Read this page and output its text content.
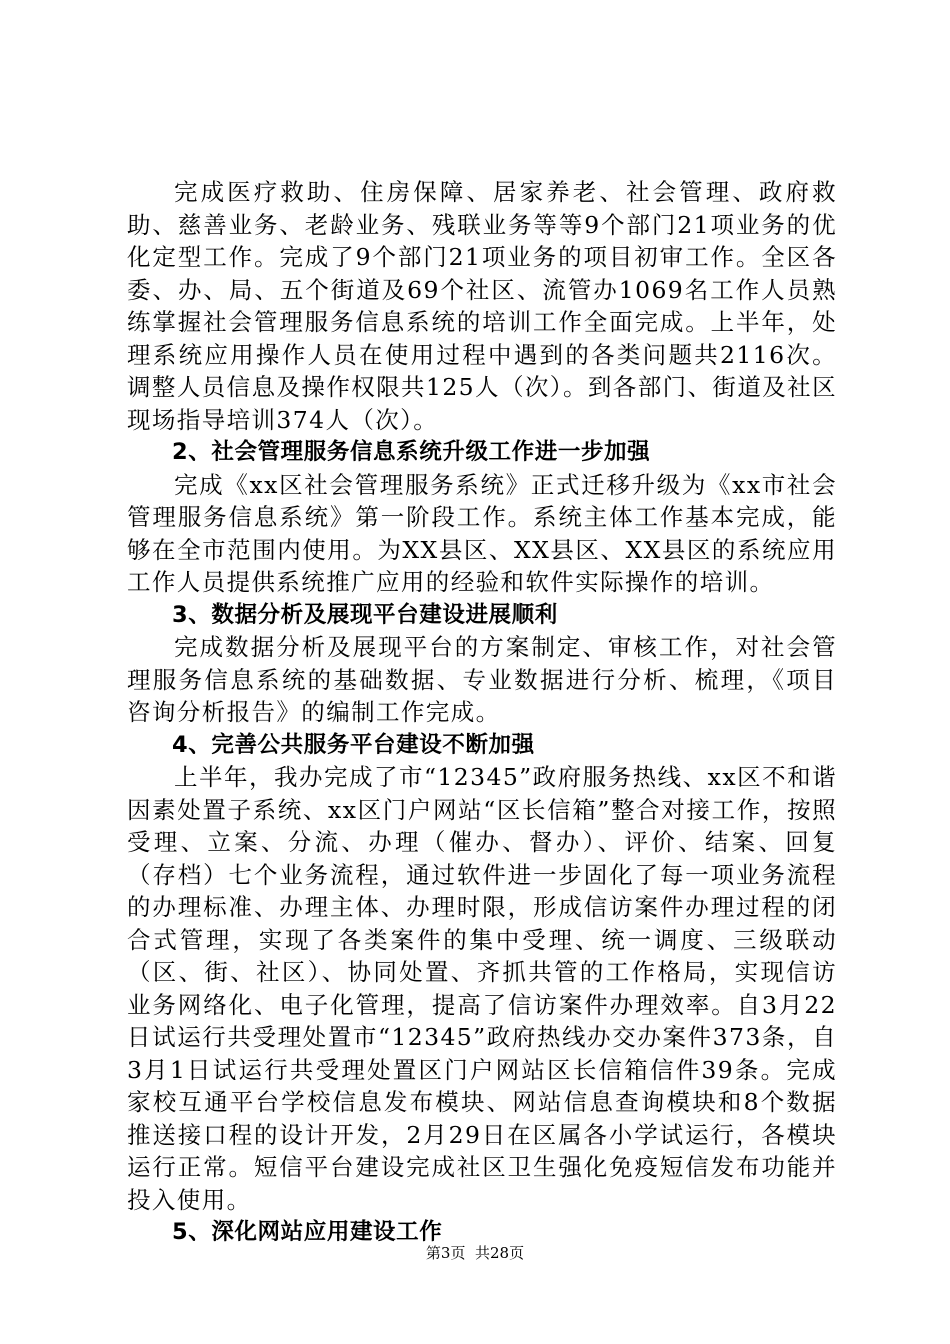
完成医疗救助、住房保障、居家养老、社会管理、政府救助、慈善业务、老龄业务、残联业务等等9个部门21项业务的优化定型工作。完成了9个部门21项业务的项目初审工作。全区各委、办、局、五个街道及69个社区、流管办1069名工作人员熟练掌握社会管理服务信息系统的培训工作全面完成。上半年，处理系统应用操作人员在使用过程中遇到的各类问题共2116次。调整人员信息及操作权限共125人（次）。到各部门、街道及社区现场指导培训374人（次）。

2、社会管理服务信息系统升级工作进一步加强

完成《xx区社会管理服务系统》正式迁移升级为《xx市社会管理服务信息系统》第一阶段工作。系统主体工作基本完成，能够在全市范围内使用。为XX县区、XX县区、XX县区的系统应用工作人员提供系统推广应用的经验和软件实际操作的培训。

3、数据分析及展现平台建设进展顺利

完成数据分析及展现平台的方案制定、审核工作，对社会管理服务信息系统的基础数据、专业数据进行分析、梳理，《项目咨询分析报告》的编制工作完成。

4、完善公共服务平台建设不断加强

上半年，我办完成了市“12345”政府服务热线、xx区不和谐因素处置子系统、xx区门户网站“区长信箱”整合对接工作，按照受理、立案、分流、办理（催办、督办）、评价、结案、回复（存档）七个业务流程，通过软件进一步固化了每一项业务流程的办理标准、办理主体、办理时限，形成信访案件办理过程的闭合式管理，实现了各类案件的集中受理、统一调度、三级联动（区、街、社区）、协同处置、齐抓共管的工作格局，实现信访业务网络化、电子化管理，提高了信访案件办理效率。自3月22日试运行共受理处置市“12345”政府热线办交办案件373条，自3月1日试运行共受理处置区门户网站区长信箱信件39条。完成家校互通平台学校信息发布模块、网站信息查询模块和8个数据推送接口程的设计开发，2月29日在区属各小学试运行，各模块运行正常。短信平台建设完成社区卫生强化免疫短信发布功能并投入使用。

5、深化网站应用建设工作
第3页  共28页
